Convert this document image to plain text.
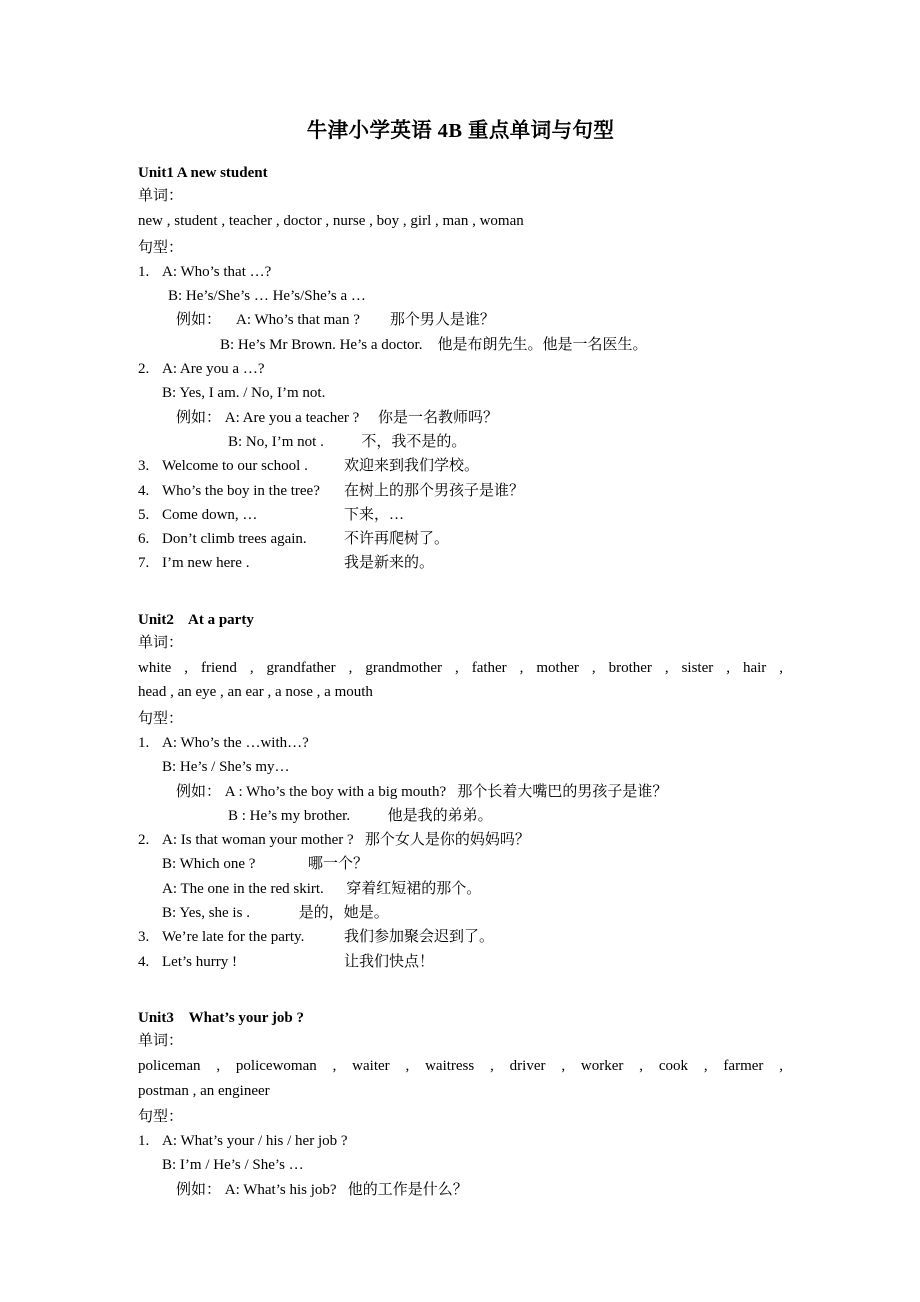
牛津小学英语 4B 重点单词与句型
Unit1 A new student
单词：
new , student , teacher , doctor , nurse , boy , girl , man , woman
句型：
1. A: Who’s that …?
B: He’s/She’s … He’s/She’s a …
例如：    A: Who’s that man ?        那个男人是谁？
B: He’s Mr Brown. He’s a doctor.    他是布朗先生。他是一名医生。
2. A: Are you a …?
B: Yes, I am. / No, I’m not.
例如： A: Are you a teacher ?     你是一名教师吗？
B: No, I’m not .          不，我不是的。
3. Welcome to our school . 欢迎来到我们学校。
4. Who’s the boy in the tree? 在树上的那个男孩子是谁？
5. Come down, …	下来，…
6. Don’t climb trees again. 不许再爬树了。
7. I’m new here .	我是新来的。
Unit2    At a party
单词：
white , friend , grandfather , grandmother , father , mother , brother , sister , hair ,
head , an eye , an ear , a nose , a mouth
句型：
1. A: Who’s the …with…?
B: He’s / She’s my…
例如： A : Who’s the boy with a big mouth?   那个长着大嘴巴的男孩子是谁？
B : He’s my brother.          他是我的弟弟。
2. A: Is that woman your mother ?   那个女人是你的妈妈吗？
B: Which one ?              哪一个？
A: The one in the red skirt.      穿着红短裙的那个。
B: Yes, she is .             是的，她是。
3. We’re late for the party.	我们参加聚会迟到了。
4. Let’s hurry !	让我们快点！
Unit3    What’s your job ?
单词：
policeman , policewoman , waiter , waitress , driver , worker , cook , farmer ,
postman , an engineer
句型：
1. A: What’s your / his / her job ?
B: I’m / He’s / She’s …
例如： A: What’s his job?   他的工作是什么？
